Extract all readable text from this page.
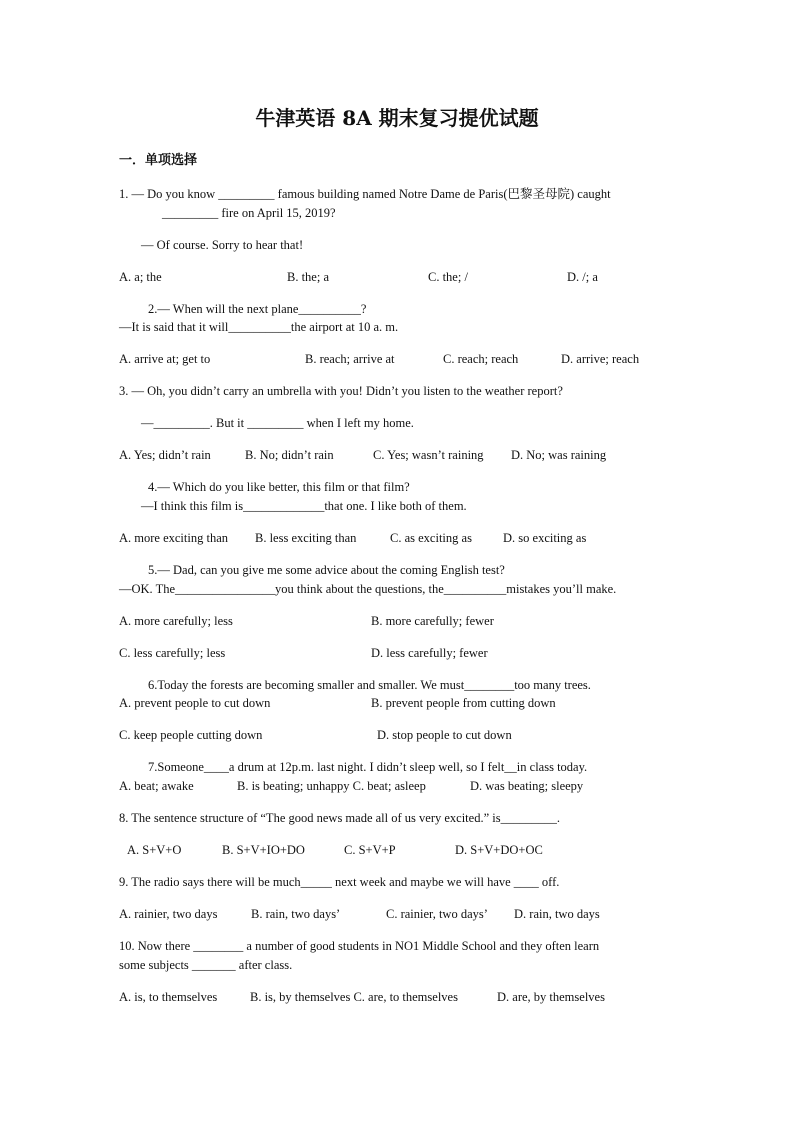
牛津英语 8A 期末复习提优试题
一．单项选择
1. — Do you know _________ famous building named Notre Dame de Paris(巴黎圣母院) caught
_________ fire on April 15, 2019?
— Of course. Sorry to hear that!
A. a; the	B. the; a	C. the; /	D. /; a
2.— When will the next plane__________?
—It is said that it will__________the airport at 10 a. m.
A. arrive at; get to	B. reach; arrive at	C. reach; reach	D. arrive; reach
3. — Oh, you didn’t carry an umbrella with you! Didn’t you listen to the weather report?
—_________. But it _________ when I left my home.
A. Yes; didn’t rain	B. No; didn’t rain	C. Yes; wasn’t raining D. No; was raining
4.— Which do you like better, this film or that film?
—I think this film is_____________that one. I like both of them.
A. more exciting than B. less exciting than	C. as exciting as D. so exciting as
5.— Dad, can you give me some advice about the coming English test?
—OK. The________________you think about the questions, the__________mistakes you’ll make.
A. more carefully; less	B. more carefully; fewer
C. less carefully; less	D. less carefully; fewer
6.Today the forests are becoming smaller and smaller. We must________too many trees.
A. prevent people to cut down	B. prevent people from cutting down
C. keep people cutting down	D. stop people to cut down
7.Someone____a drum at 12p.m. last night. I didn’t sleep well, so I felt__in class today.
A. beat; awake	B. is beating; unhappy C. beat; asleep	D. was beating; sleepy
8. The sentence structure of “The good news made all of us very excited.” is_________.
A. S+V+O	B. S+V+IO+DO	C. S+V+P	D. S+V+DO+OC
9. The radio says there will be much_____ next week and maybe we will have ____ off.
A. rainier, two days	B. rain, two days’	C. rainier, two days’ D. rain, two days
10. Now there ________ a number of good students in NO1 Middle School and they often learn
some subjects _______ after class.
A. is, to themselves	B. is, by themselves C. are, to themselves	D. are, by themselves
